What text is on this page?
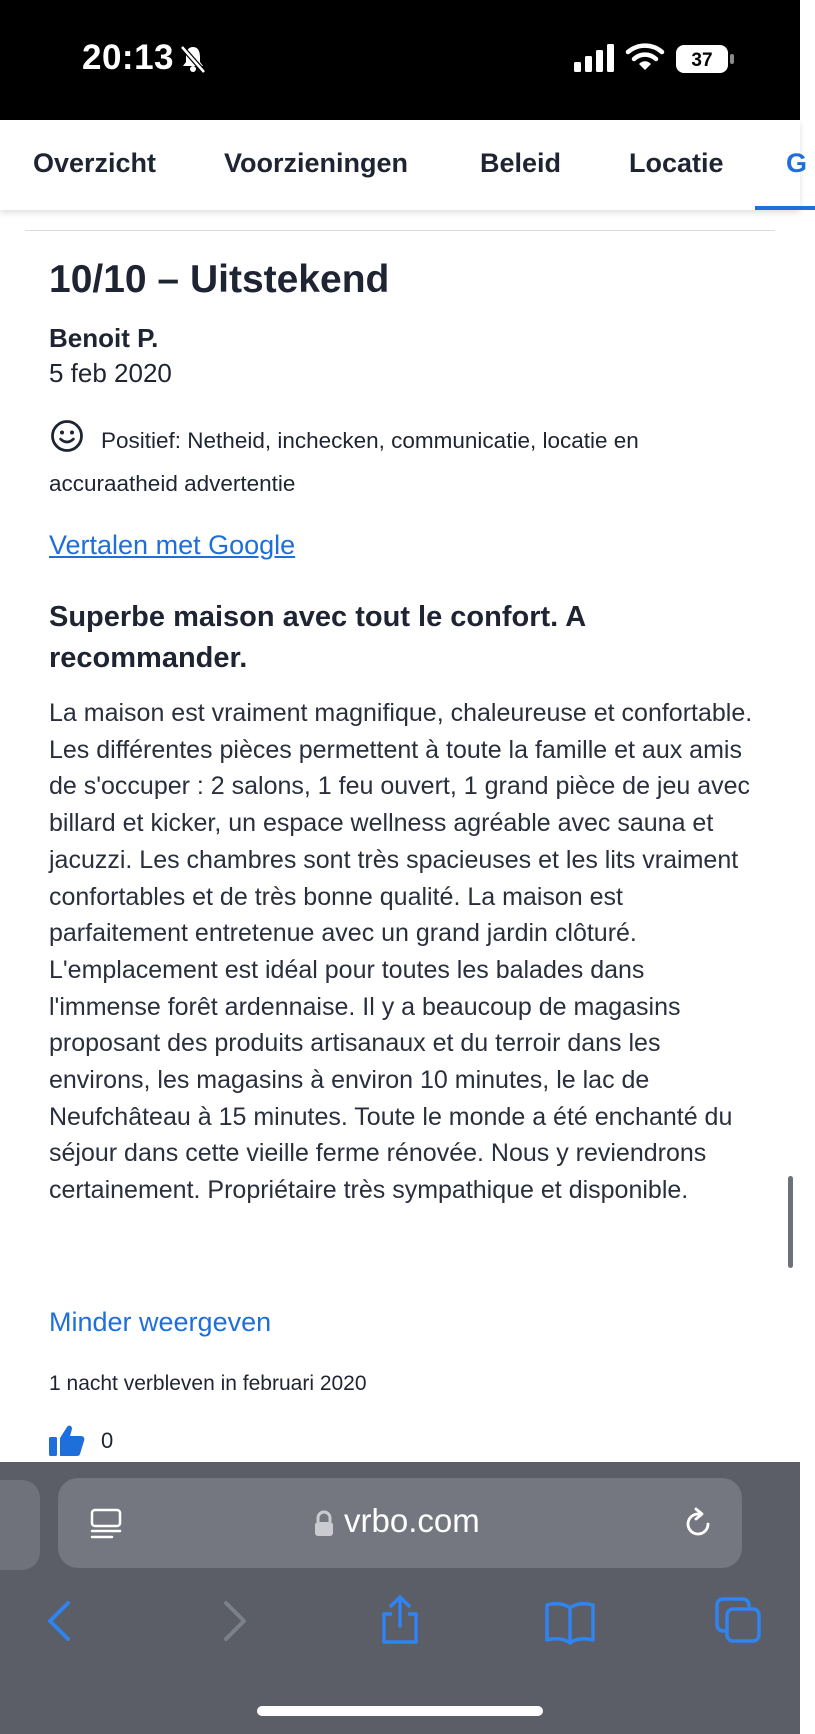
20:13	37
Overzicht	Voorzieningen	Beleid	Locatie G
10/10 – Uitstekend
Benoit P.
5 feb 2020
Positief: Netheid, inchecken, communicatie, locatie en accuraatheid advertentie
Vertalen met Google
Superbe maison avec tout le confort. A recommander.

La maison est vraiment magnifique, chaleureuse et confortable. Les différentes pièces permettent à toute la famille et aux amis de s'occuper : 2 salons, 1 feu ouvert, 1 grand pièce de jeu avec billard et kicker, un espace wellness agréable avec sauna et jacuzzi. Les chambres sont très spacieuses et les lits vraiment confortables et de très bonne qualité. La maison est parfaitement entretenue avec un grand jardin clôturé. L'emplacement est idéal pour toutes les balades dans l'immense forêt ardennaise. Il y a beaucoup de magasins proposant des produits artisanaux et du terroir dans les environs, les magasins à environ 10 minutes, le lac de Neufchâteau à 15 minutes. Toute le monde a été enchanté du séjour dans cette vieille ferme rénovée. Nous y reviendrons certainement. Propriétaire très sympathique et disponible.

Minder weergeven
1 nacht verbleven in februari 2020
0
vrbo.com
